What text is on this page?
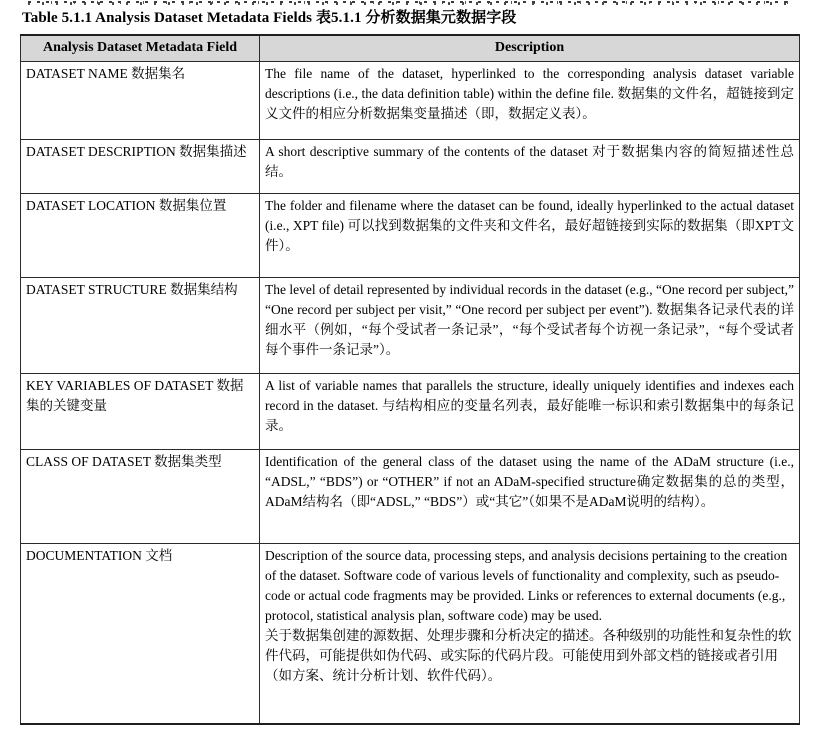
Table 5.1.1 Analysis Dataset Metadata Fields 表5.1.1 分析数据集元数据字段
Analysis Dataset Metadata Field	Description
DATASET NAME 数据集名	The file name of the dataset, hyperlinked to the corresponding analysis dataset variable descriptions (i.e., the data definition table) within the define file. 数据集的文件名，超链接到定义文件的相应分析数据集变量描述（即，数据定义表）。

DATASET DESCRIPTION 数据集描述	A short descriptive summary of the contents of the dataset 对于数据集内容的简短描述性总结。

DATASET LOCATION 数据集位置	The folder and filename where the dataset can be found, ideally hyperlinked to the actual dataset (i.e., XPT file) 可以找到数据集的文件夹和文件名，最好超链接到实际的数据集（即XPT文件）。

DATASET STRUCTURE 数据集结构	The level of detail represented by individual records in the dataset (e.g., “One record per subject,” “One record per subject per visit,” “One record per subject per event”). 数据集各记录代表的详细水平（例如，“每个受试者一条记录”，“每个受试者每个访视一条记录”，“每个受试者每个事件一条记录”）。

KEY VARIABLES OF DATASET 数据集的关键变量	A list of variable names that parallels the structure, ideally uniquely identifies and indexes each record in the dataset. 与结构相应的变量名列表，最好能唯一标识和索引数据集中的每条记录。

CLASS OF DATASET 数据集类型	Identification of the general class of the dataset using the name of the ADaM structure (i.e., “ADSL,” “BDS”) or “OTHER” if not an ADaM-specified structure确定数据集的总的类型，ADaM结构名（即“ADSL,” “BDS”）或“其它”（如果不是ADaM说明的结构）。

DOCUMENTATION 文档	Description of the source data, processing steps, and analysis decisions pertaining to the creation of the dataset. Software code of various levels of functionality and complexity, such as pseudo-code or actual code fragments may be provided. Links or references to external documents (e.g., protocol, statistical analysis plan, software code) may be used.
关于数据集创建的源数据、处理步骤和分析决定的描述。各种级别的功能性和复杂性的软件代码，可能提供如伪代码、或实际的代码片段。可能使用到外部文档的链接或者引用（如方案、统计分析计划、软件代码）。
